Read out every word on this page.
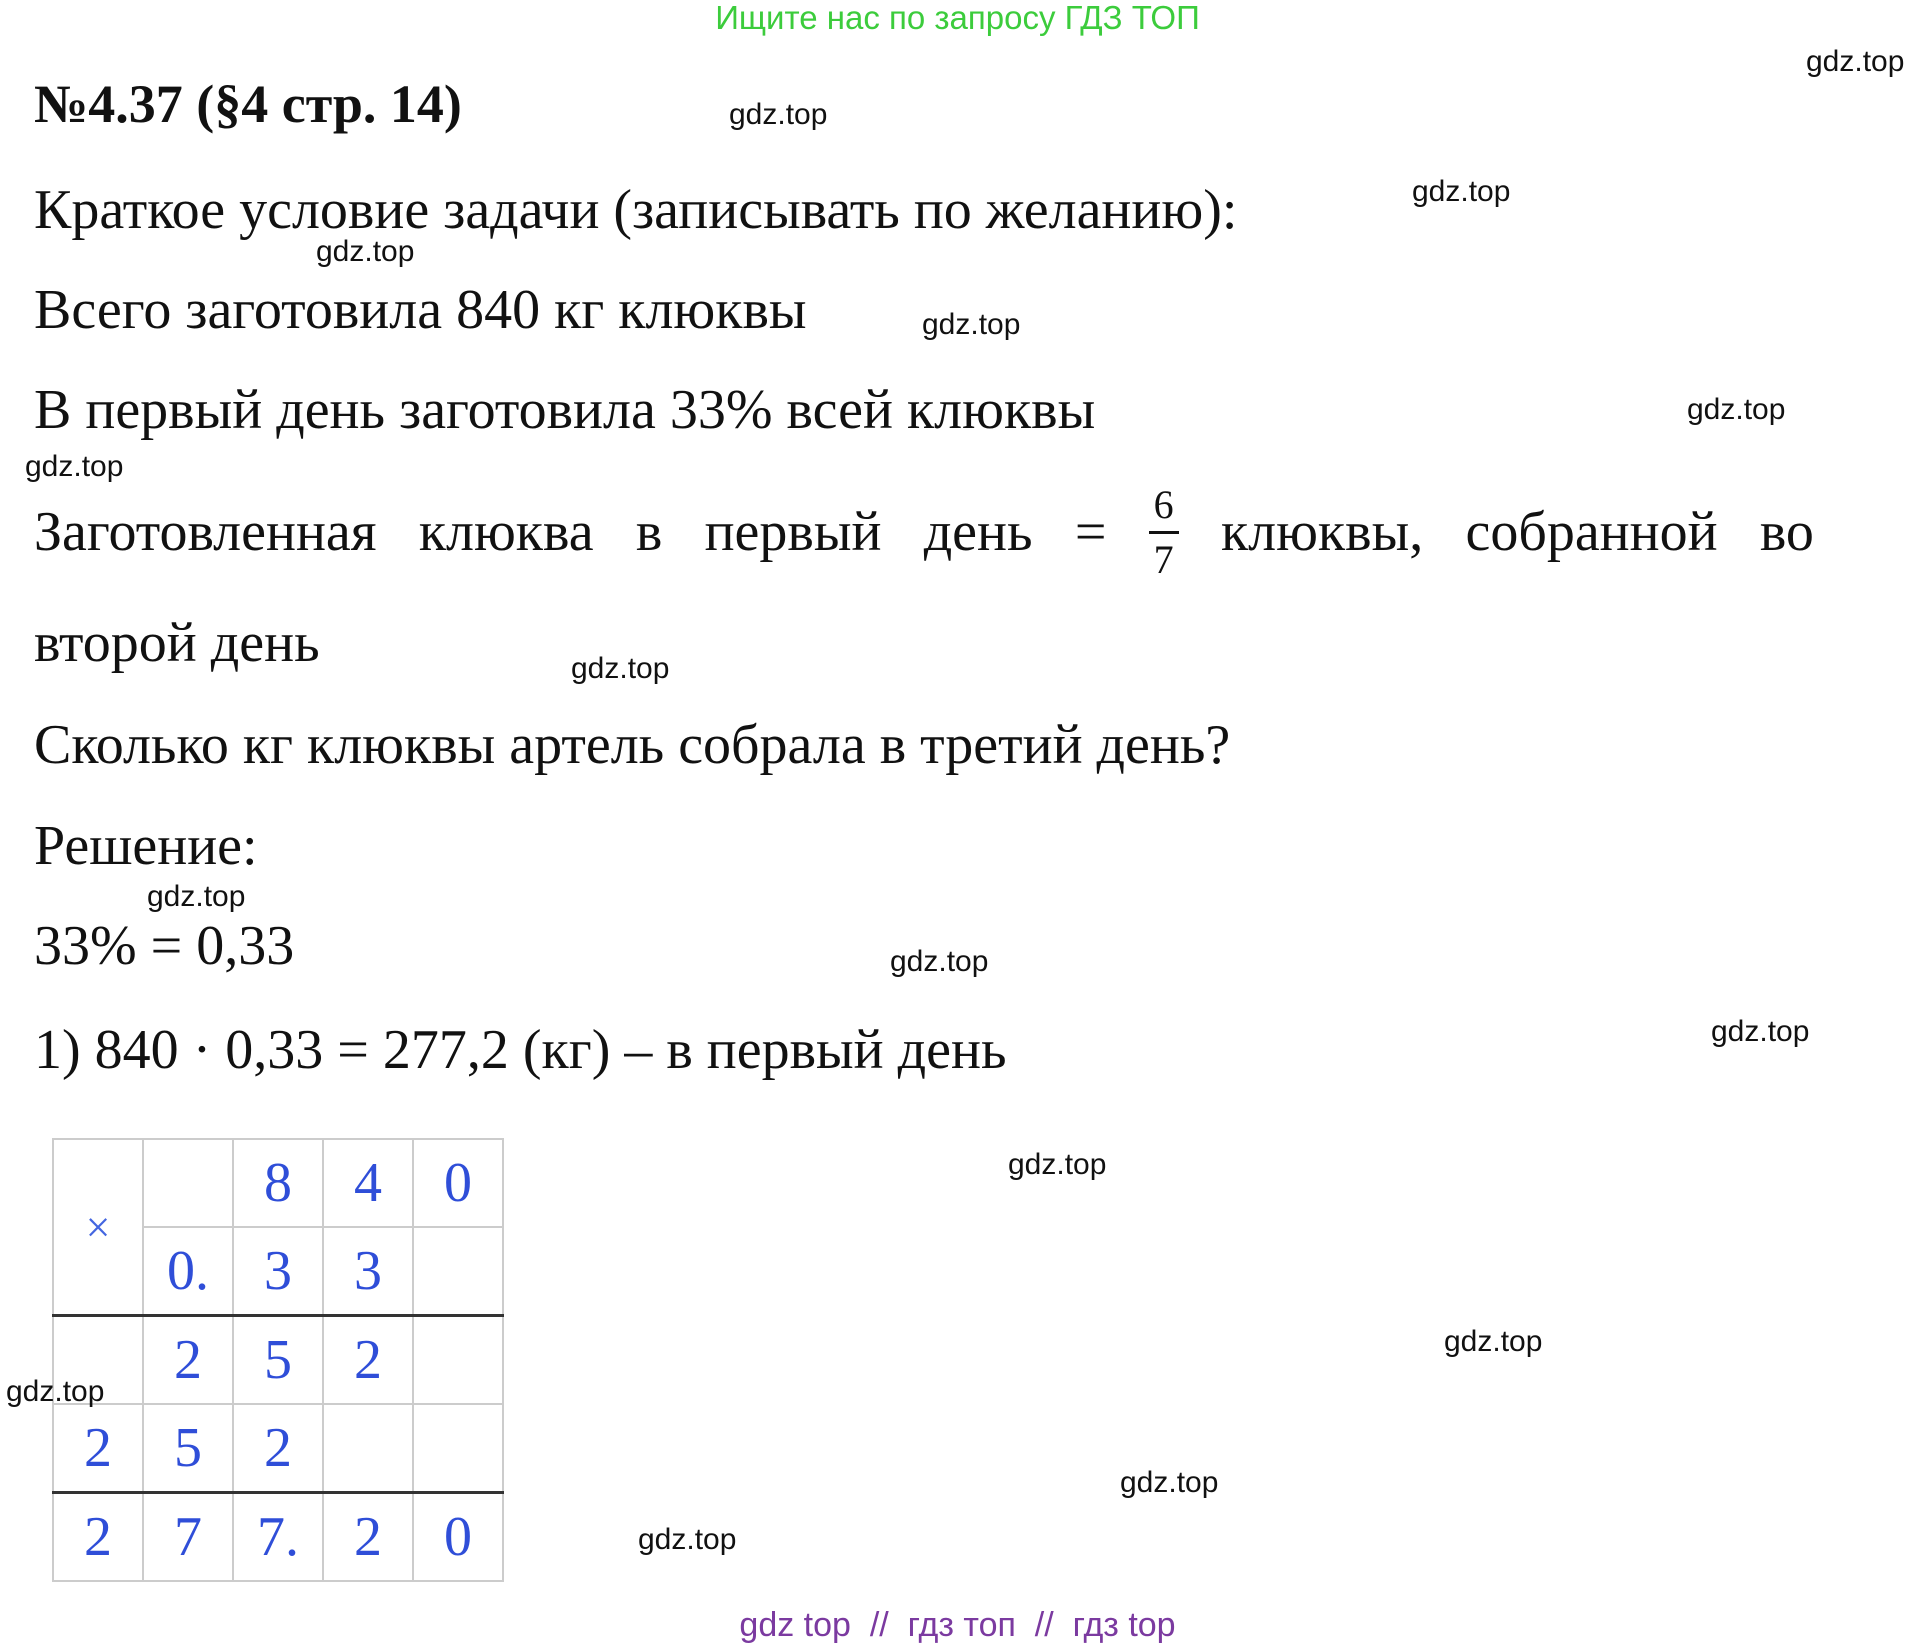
Ищите нас по запросу ГДЗ ТОП
№4.37 (§4 стр. 14)

Краткое условие задачи (записывать по желанию):

Всего заготовила 840 кг клюквы

В первый день заготовила 33% всей клюквы

Заготовленная клюква в первый день = $\frac{6}{7}$ клюквы, собранной во

второй день

Сколько кг клюквы артель собрала в третий день?

Решение:

33% = 0,33

1) 840 · 0,33 = 277,2 (кг) – в первый день

×		8	4	0
	0.	3	3	
	2	5	2	
2	5	2		
2	7	7.	2	0
gdz.top
gdz.top
gdz.top
gdz.top
gdz.top
gdz.top
gdz.top
gdz.top
gdz.top
gdz.top
gdz.top
gdz.top
gdz.top
gdz.top
gdz.top
gdz.top
gdz top  //  гдз топ  //  гдз top
